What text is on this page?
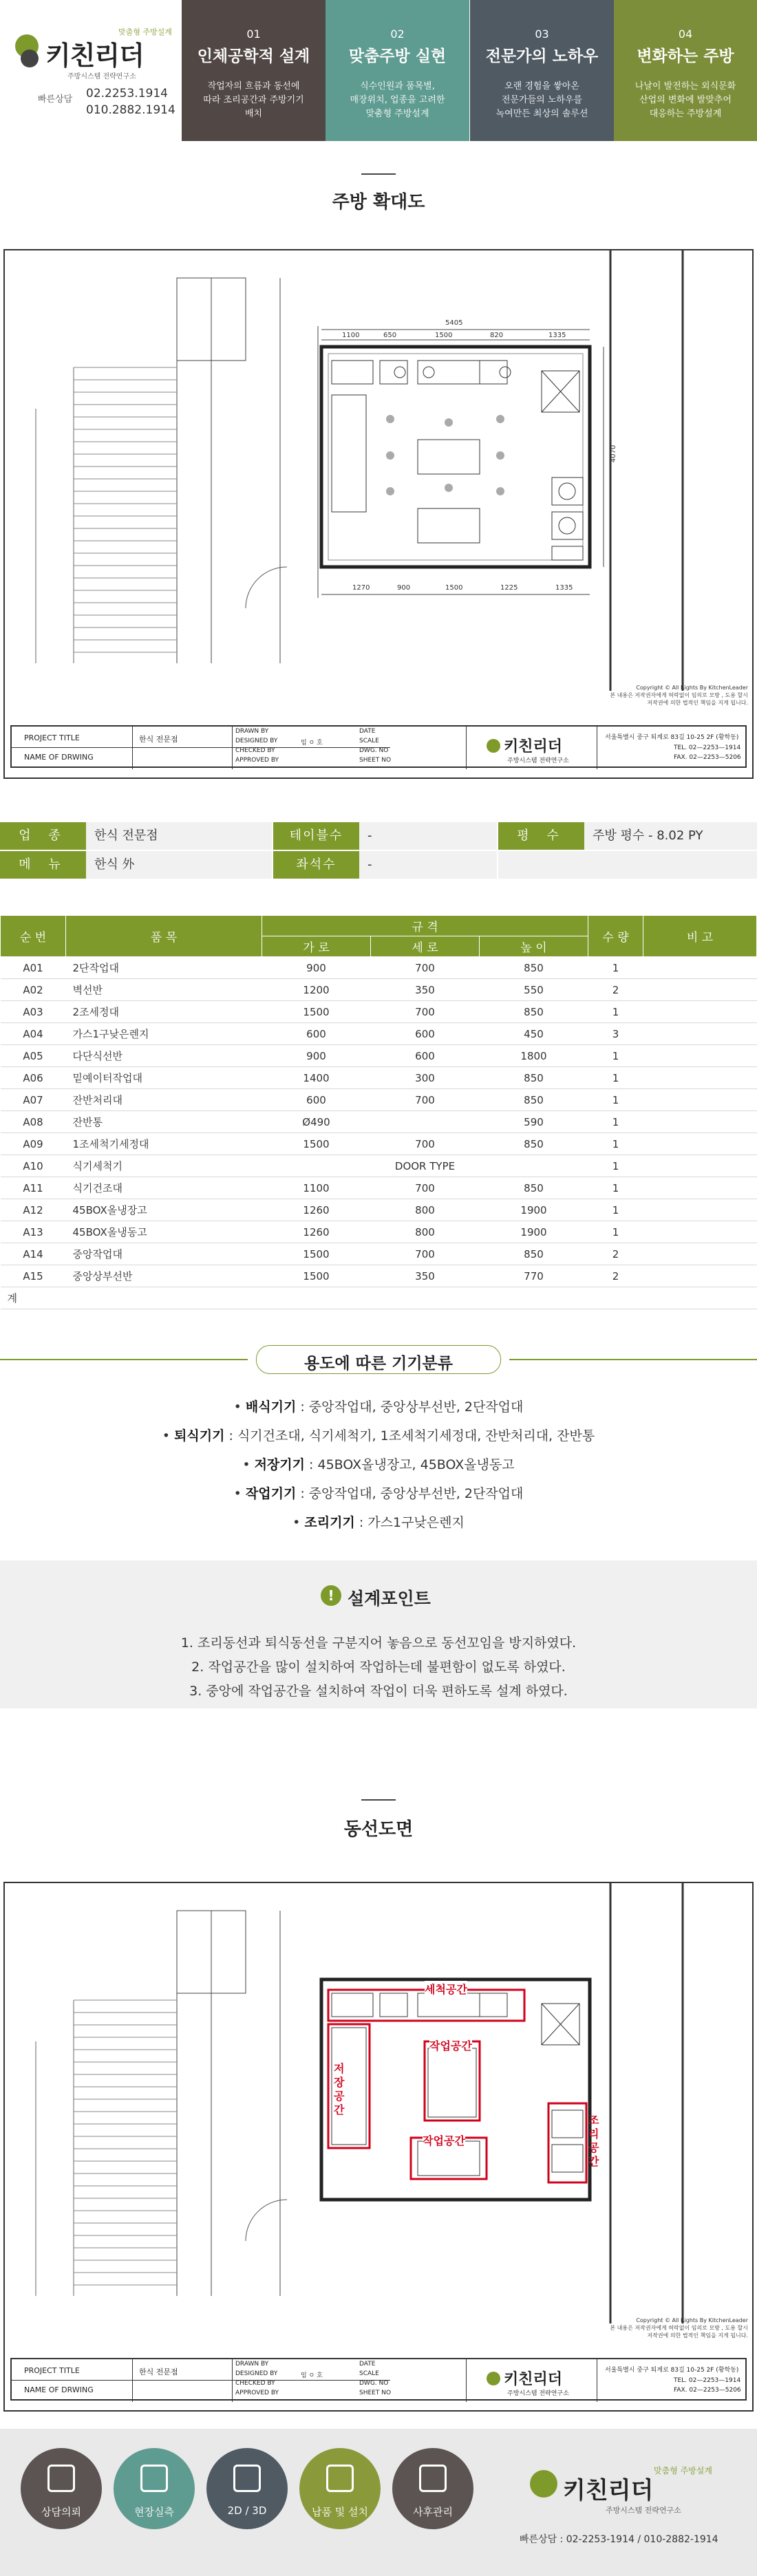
맞춤형 주방설계
키친리더
주방시스템 전략연구소
빠른상담 02.2253.1914
010.2882.1914
01
인체공학적 설계
작업자의 흐름과 동선에
따라 조리공간과 주방기기
배치
02
맞춤주방 실현
식수인원과 품목별,
매장위치, 업종을 고려한
맞춤형 주방설계
03
전문가의 노하우
오랜 경험을 쌓아온
전문가들의 노하우를
녹여만든 최상의 솔루션
04
변화하는 주방
나날이 발전하는 외식문화
산업의 변화에 발맞추어
대응하는 주방설계
주방 확대도
5405
1100	650	1500	820	1335
1270	900	1500	1225	1335
4070
Copyright © All Rights By KitchenLeader
본 내용은 저작권자에게 허락없이 임의로 모방 , 도용 할시
저작권에 의한 법적인 책임을 지게 됩니다.
PROJECT TITLE	한식 전문점
NAME OF DRWING
DRAWN BY
DESIGNED BY
CHECKED BY
APPROVED BY
임 ㅇ 호
DATE
SCALE
DWG. NO
SHEET NO
키친리더
주방시스템 전략연구소
서울특별시 중구 퇴계로 83길 10-25 2F (황학동)
TEL. 02—2253—1914
FAX. 02—2253—5206
업 종	한식 전문점	테이블수	-	평 수	주방 평수 - 8.02 PY
메 뉴	한식 外	좌석수	-
순 번	품 목	규 격			수 량	비 고
		가 로	세 로	높 이		
A01	2단작업대	900	700	850	1	
A02	벽선반	1200	350	550	2	
A03	2조세정대	1500	700	850	1	
A04	가스1구낮은렌지	600	600	450	3	
A05	다단식선반	900	600	1800	1	
A06	밑예이터작업대	1400	300	850	1	
A07	잔반처리대	600	700	850	1	
A08	잔반통	Ø490		590	1	
A09	1조세척기세정대	1500	700	850	1	
A10	식기세척기	DOOR TYPE			1	
A11	식기건조대	1100	700	850	1	
A12	45BOX올냉장고	1260	800	1900	1	
A13	45BOX올냉동고	1260	800	1900	1	
A14	중앙작업대	1500	700	850	2	
A15	중앙상부선반	1500	350	770	2	
계						
용도에 따른 기기분류
• 배식기기 : 중앙작업대, 중앙상부선반, 2단작업대
• 퇴식기기 : 식기건조대, 식기세척기, 1조세척기세정대, 잔반처리대, 잔반통
• 저장기기 : 45BOX올냉장고, 45BOX올냉동고
• 작업기기 : 중앙작업대, 중앙상부선반, 2단작업대
• 조리기기 : 가스1구낮은렌지
! 설계포인트
1. 조리동선과 퇴식동선을 구분지어 놓음으로 동선꼬임을 방지하였다.
2. 작업공간을 많이 설치하여 작업하는데 불편함이 없도록 하였다.
3. 중앙에 작업공간을 설치하여 작업이 더욱 편하도록 설계 하였다.
동선도면
세척공간
저장공간
작업공간
작업공간
조리공간
Copyright © All Rights By KitchenLeader
본 내용은 저작권자에게 허락없이 임의로 모방 , 도용 할시
저작권에 의한 법적인 책임을 지게 됩니다.
PROJECT TITLE	한식 전문점
NAME OF DRWING
DRAWN BY
DESIGNED BY
CHECKED BY
APPROVED BY
임 ㅇ 호
DATE
SCALE
DWG. NO
SHEET NO
키친리더
주방시스템 전략연구소
서울특별시 중구 퇴계로 83길 10-25 2F (황학동)
TEL. 02—2253—1914
FAX. 02—2253—5206
상담의뢰	현장실측	2D / 3D	납품 및 설치	사후관리
맞춤형 주방설계
키친리더
주방시스템 전략연구소
빠른상담 : 02-2253-1914 / 010-2882-1914
